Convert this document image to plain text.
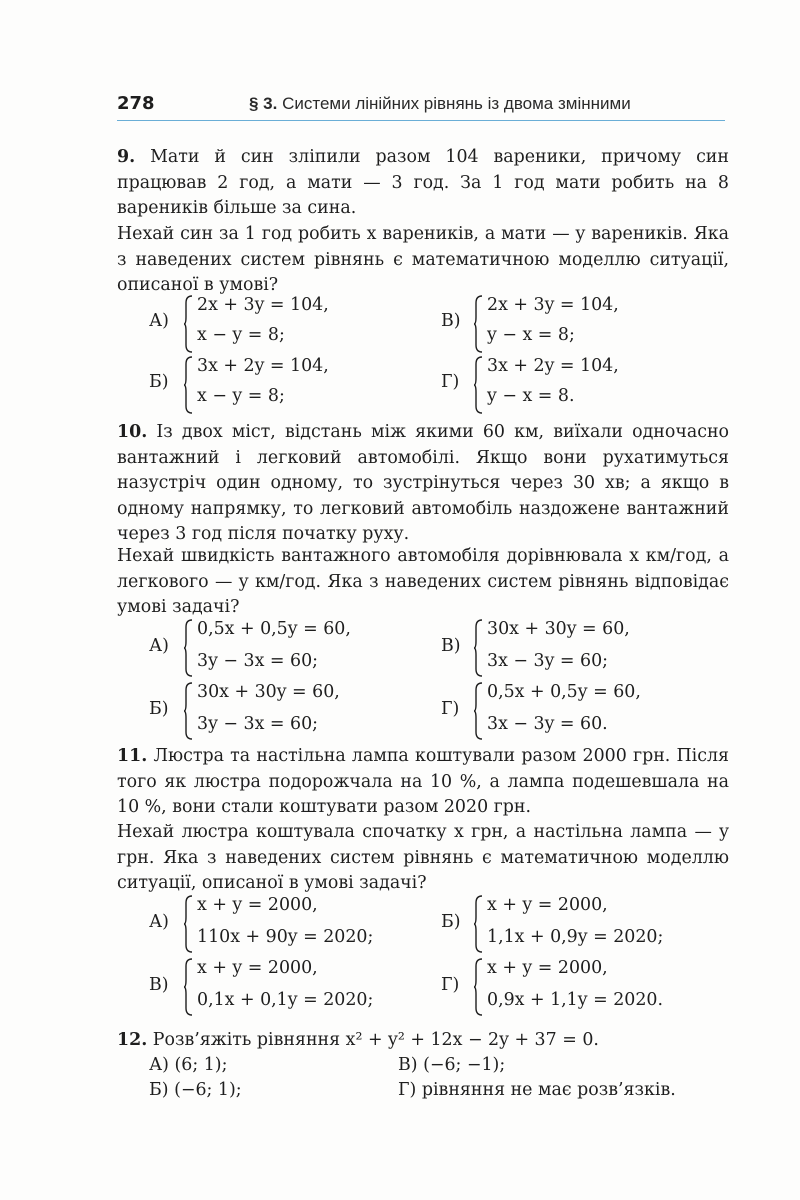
278	§ 3. Системи лінійних рівнянь із двома змінними

9. Мати й син зліпили разом 104 вареники, причому син працював 2 год, а мати — 3 год. За 1 год мати робить на 8 вареників більше за сина.

Нехай син за 1 год робить x вареників, а мати — y вареників. Яка з наведених систем рівнянь є математичною моделлю ситуації, описаної в умові?

А)
2x + 3y = 104,
x − y = 8;
В)
2x + 3y = 104,
y − x = 8;
Б)
3x + 2y = 104,
x − y = 8;
Г)
3x + 2y = 104,
y − x = 8.

10. Із двох міст, відстань між якими 60 км, виїхали одночасно вантажний і легковий автомобілі. Якщо вони рухатимуться назустріч один одному, то зустрінуться через 30 хв; а якщо в одному напрямку, то легковий автомобіль наздожене вантажний через 3 год після початку руху.

Нехай швидкість вантажного автомобіля дорівнювала x км/год, а легкового — y км/год. Яка з наведених систем рівнянь відповідає умові задачі?

А)
0,5x + 0,5y = 60,
3y − 3x = 60;
В)
30x + 30y = 60,
3x − 3y = 60;
Б)
30x + 30y = 60,
3y − 3x = 60;
Г)
0,5x + 0,5y = 60,
3x − 3y = 60.

11. Люстра та настільна лампа коштували разом 2000 грн. Після того як люстра подорожчала на 10 %, а лампа подешевшала на 10 %, вони стали коштувати разом 2020 грн.

Нехай люстра коштувала спочатку x грн, а настільна лампа — y грн. Яка з наведених систем рівнянь є математичною моделлю ситуації, описаної в умові задачі?

А)
x + y = 2000,
110x + 90y = 2020;
Б)
x + y = 2000,
1,1x + 0,9y = 2020;
В)
x + y = 2000,
0,1x + 0,1y = 2020;
Г)
x + y = 2000,
0,9x + 1,1y = 2020.

12. Розв’яжіть рівняння x² + y² + 12x − 2y + 37 = 0.

А) (6; 1);	В) (−6; −1);
Б) (−6; 1);	Г) рівняння не має розв’язків.
